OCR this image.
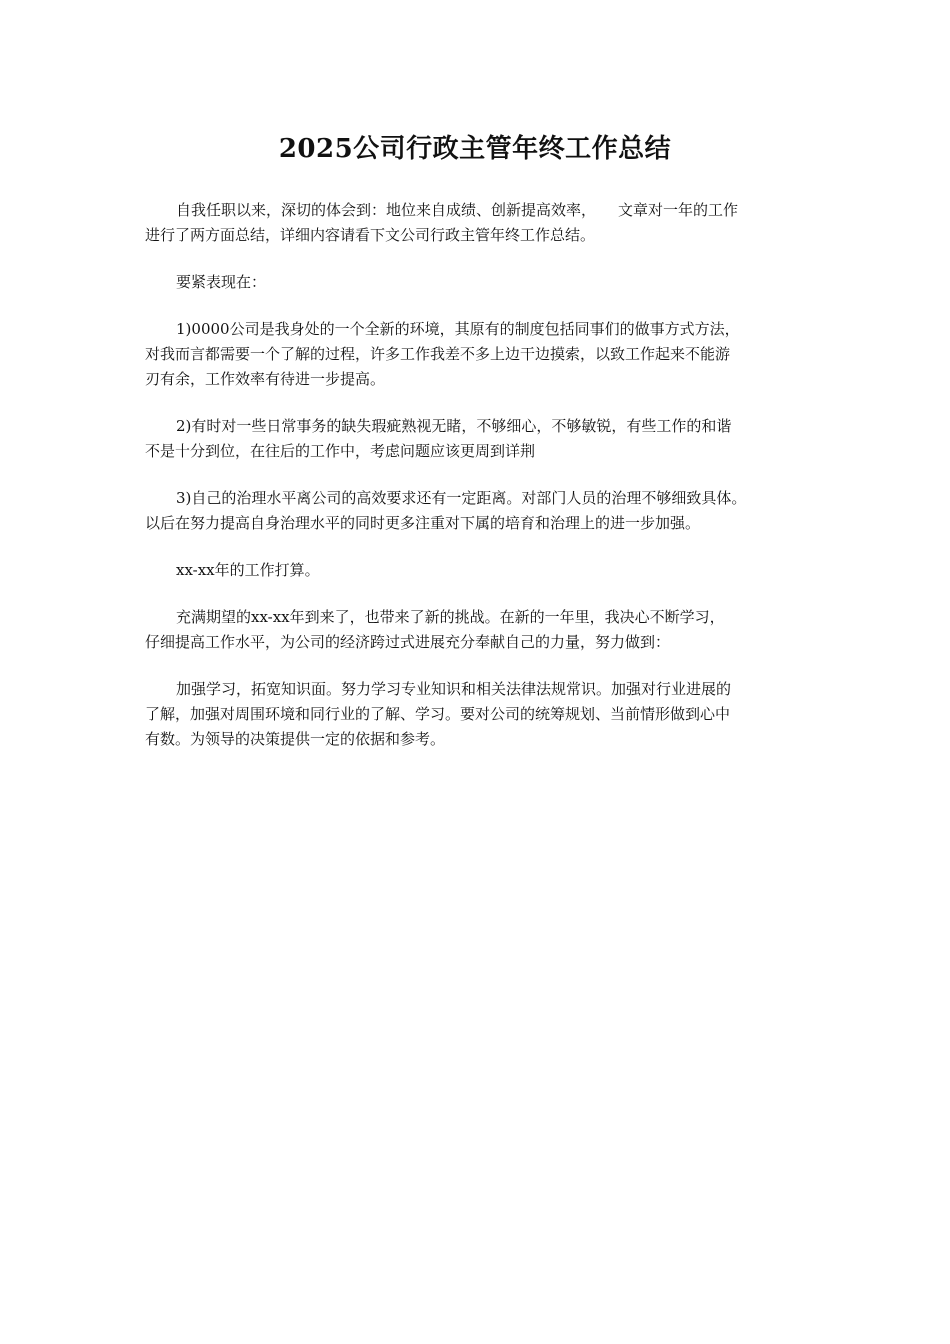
2025公司行政主管年终工作总结
自我任职以来，深切的体会到：地位来自成绩、创新提高效率， 文章对一年的工作
进行了两方面总结，详细内容请看下文公司行政主管年终工作总结。
要紧表现在：
1)0000公司是我身处的一个全新的环境，其原有的制度包括同事们的做事方式方法，
对我而言都需要一个了解的过程，许多工作我差不多上边干边摸索，以致工作起来不能游
刃有余，工作效率有待进一步提高。
2)有时对一些日常事务的缺失瑕疵熟视无睹，不够细心，不够敏锐，有些工作的和谐
不是十分到位，在往后的工作中，考虑问题应该更周到详荆
3)自己的治理水平离公司的高效要求还有一定距离。对部门人员的治理不够细致具体。
以后在努力提高自身治理水平的同时更多注重对下属的培育和治理上的进一步加强。
xx-xx年的工作打算。
充满期望的xx-xx年到来了，也带来了新的挑战。在新的一年里，我决心不断学习，
仔细提高工作水平，为公司的经济跨过式进展充分奉献自己的力量，努力做到：
加强学习，拓宽知识面。努力学习专业知识和相关法律法规常识。加强对行业进展的
了解，加强对周围环境和同行业的了解、学习。要对公司的统筹规划、当前情形做到心中
有数。为领导的决策提供一定的依据和参考。
